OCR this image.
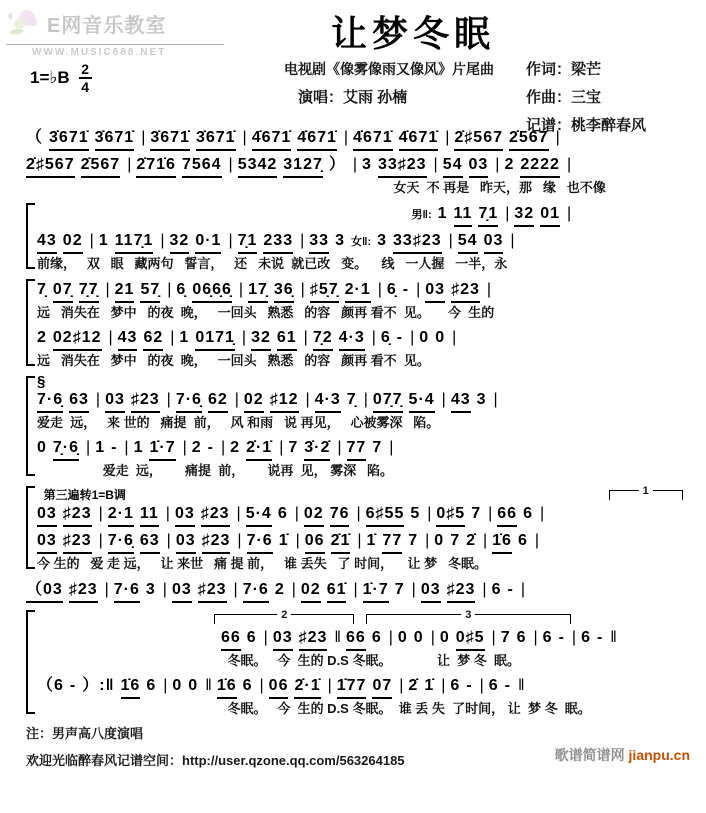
E网音乐教室
WWW.MUSIC888.NET	让梦冬眠
1=♭B 2
4
电视剧《像雾像雨又像风》片尾曲	作词：梁芒
演唱：艾雨 孙楠	作曲：三宝
记谱：桃李醉春风
（ 3̇671̇ 3̇671̇ | 3̇671̇ 3̇671̇ | 4̇671̇ 4̇671̇ | 4̇671̇ 4̇671̇ | 2̇♯567 2̇567 |
2̇♯567 2̇567 | 2̇71̇6 7564 | 5342 3127̣ ） | 3 33♯23 | 54 03 | 2 2222 |
女天  不 再是   昨天，那   缘   也不像
男‖: 1 11 7̣1 | 32 01 |
43 02 | 1 117̣1 | 32 0·1 | 7̣1 233 | 33 3 女‖: 3 33♯23 | 54 03 |
前缘，   双   眼   藏两句   誓言，   还   未说  就已改   变。    线   一人握   一半，永
7̣ 07̣ 7̣7̣ | 21 57̣ | 6̣ 06̣6̣6̣ | 17̣ 36̣ | ♯5̣7̣ 2·1 | 6̣ - | 03 ♯23 |
远   消失在   梦中   的夜  晚，   一回头   熟悉   的容   颜再 看不  见。     今  生的
2 02♯12 | 43 62 | 1 0171̣ | 32 61 | 7̣2 4·3 | 6̣ - | 0 0 |
远   消失在   梦中   的夜  晚，   一回头   熟悉   的容   颜再 看不  见。
§
7·6̣ 63 | 03 ♯23 | 7·6̣ 62 | 02 ♯12 | 4·3 7̣ | 07̣7̣ 5·4 | 43 3 |
爱走  远，   来 世的   痛提  前，   风 和雨   说 再见，   心被雾深   陷。
0 7̣·6̣ | 1 - | 1 1̇·7 | 2 - | 2 2̇·1̇ | 7 3̇·2̇ | 77 7 |
爱走  远，　　 痛提  前，　　 说再  见， 雾深   陷。
第三遍转1=B调	1
03 ♯23 | 2·1 11 | 03 ♯23 | 5·4 6 | 02 76 | 6♯55 5 | 0♯5 7 | 66 6 |
03 ♯23 | 7·6̣ 63 | 03 ♯23 | 7·6 1̇ | 06 2̇1̇ | 1̇ 77 7 | 0 7 2̇ | 1̇6 6 |
今 生的   爱 走 远，   让 来世   痛 提 前，   谁 丢失   了 时间，    让 梦   冬眠。
（03 ♯23 | 7·6 3 | 03 ♯23 | 7·6 2 | 02 61̇ | 1̇·7 7 | 03 ♯23 | 6 - |
2	3
66 6 | 03 ♯23 ‖ 66 6 | 0 0 | 0 0♯5 | 7 6 | 6 - | 6 - ‖
冬眠。   今  生的 D.S 冬眠。　　　　让  梦 冬  眠。
（6 - ）:‖ 1̇6 6 | 0 0 ‖ 1̇6 6 | 06 2̇·1̇ | 1̇77 07 | 2̇ 1̇ | 6 - | 6 - ‖
冬眠。   今  生的 D.S 冬眠。  谁 丢 失  了时间， 让  梦 冬  眠。
注：男声高八度演唱
欢迎光临醉春风记谱空间：http://user.qzone.qq.com/563264185	歌谱简谱网 jianpu.cn
